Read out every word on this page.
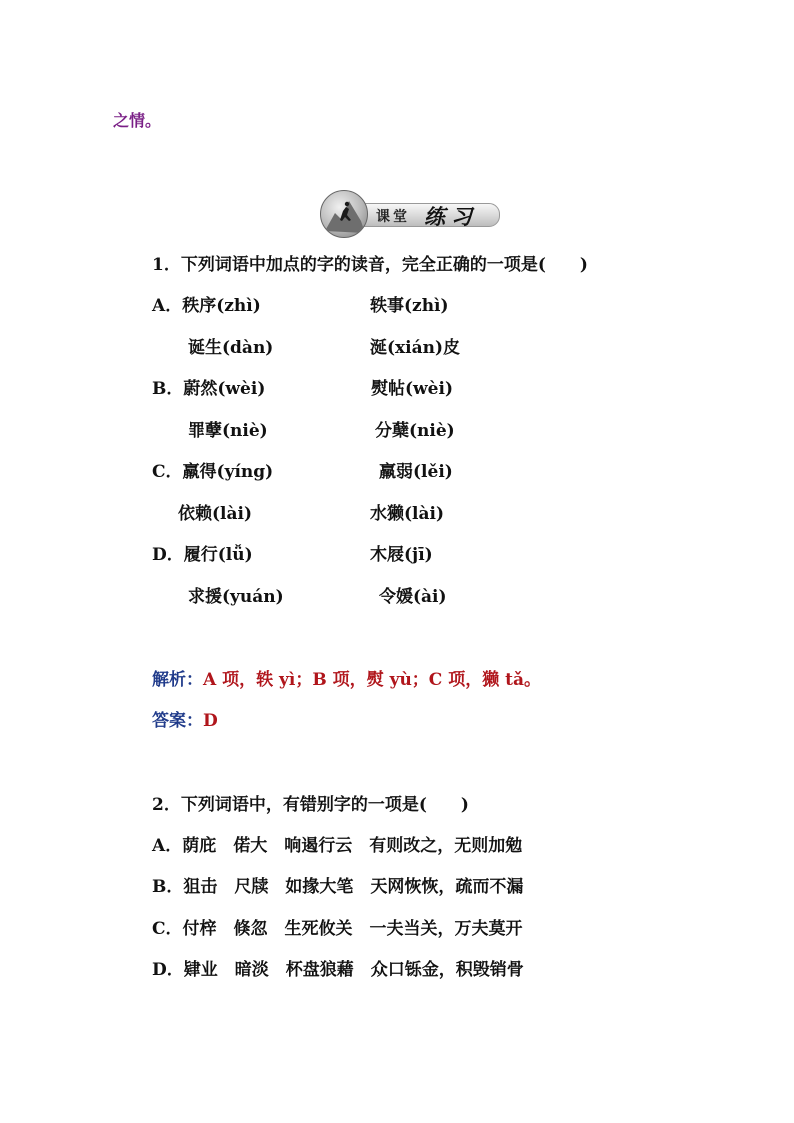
之情。
课堂 练习
1．下列词语中加点的字的读音，完全正确的一项是(　　)
A．秩序(zhì)	轶事(zhì)
诞生(dàn)	涎(xián)皮
B．蔚然(wèi)	熨帖(wèi)
罪孽(niè)	分蘖(niè)
C．羸得(yíng)	羸弱(lěi)
依赖(lài)	水獭(lài)
D．履行(lǚ)	木屐(jī)
求援(yuán)	令媛(ài)
解析：A 项，轶 yì；B 项，熨 yù；C 项，獭 tǎ。
答案：D
2．下列词语中，有错别字的一项是(　　)
A．荫庇　偌大　响遏行云　有则改之，无则加勉
B．狙击　尺牍　如掾大笔　天网恢恢，疏而不漏
C．付梓　倏忽　生死攸关　一夫当关，万夫莫开
D．肄业　暗淡　杯盘狼藉　众口铄金，积毁销骨
